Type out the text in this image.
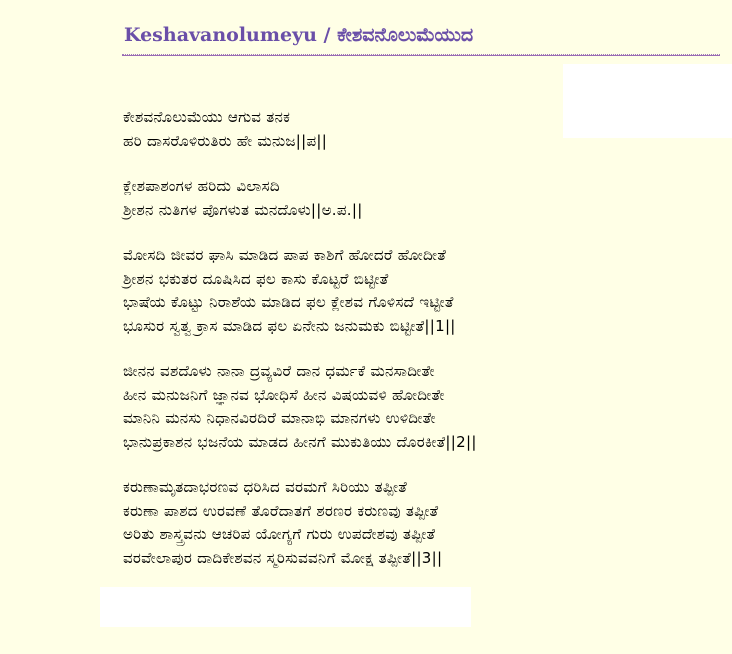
Keshavanolumeyu / ಕೇಶವನೊಲುಮೆಯುದ
ಕೇಶವನೊಲುಮೆಯು ಆಗುವ ತನಕ
ಹರಿ ದಾಸರೊಳಿರುತಿರು ಹೇ ಮನುಜ||ಪ||
ಕ್ಲೇಶಪಾಶಂಗಳ ಹರಿದು ವಿಲಾಸದಿ
ಶ್ರೀಶನ ನುತಿಗಳ ಪೊಗಳುತ ಮನದೊಳು||ಅ.ಪ.||
ಮೋಸದಿ ಜೀವರ ಘಾಸಿ ಮಾಡಿದ ಪಾಪ ಕಾಶಿಗೆ ಹೋದರೆ ಹೋದೀತೆ
ಶ್ರೀಶನ ಭಕುತರ ದೂಷಿಸಿದ ಫಲ ಕಾಸು ಕೊಟ್ಟರೆ ಬಿಟ್ಟೀತೆ
ಭಾಷೆಯ ಕೊಟ್ಟು ನಿರಾಶೆಯ ಮಾಡಿದ ಫಲ ಕ್ಲೇಶವ ಗೊಳಿಸದೆ ಇಟ್ಟೀತೆ
ಭೂಸುರ ಸ್ವತ್ವ ಕ್ರಾಸ ಮಾಡಿದ ಫಲ ಏನೇನು ಜನುಮಕು ಬಿಟ್ಟೀತೆ||1||
ಜೀನನ ವಶದೊಳು ನಾನಾ ದ್ರವ್ಯವಿರೆ ದಾನ ಧರ್ಮಕೆ ಮನಸಾದೀತೇ
ಹೀನ ಮನುಜನಿಗೆ ಜ್ಞಾನವ ಭೋಧಿಸೆ ಹೀನ ವಿಷಯವಳಿ ಹೋದೀತೇ
ಮಾನಿನಿ ಮನಸು ನಿಧಾನವಿರದಿರೆ ಮಾನಾಭಿ ಮಾನಗಳು ಉಳಿದೀತೇ
ಭಾನುಪ್ರಕಾಶನ ಭಜನೆಯ ಮಾಡದ ಹೀನಗೆ ಮುಕುತಿಯು ದೊರಕೀತೆ||2||
ಕರುಣಾಮೃತದಾಭರಣವ ಧರಿಸಿದ ವರಮಗೆ ಸಿರಿಯು ತಪ್ಪೀತೆ
ಕರುಣಾ ಪಾಶದ ಉರವಣೆ ತೊರೆದಾತಗೆ ಶರಣರ ಕರುಣವು ತಪ್ಪೀತೆ
ಅರಿತು ಶಾಸ್ತ್ರವನು ಆಚರಿಪ ಯೋಗ್ಯಗೆ ಗುರು ಉಪದೇಶವು ತಪ್ಪೀತೆ
ವರವೇಲಾಪುರ ದಾದಿಕೇಶವನ ಸ್ಮರಿಸುವವನಿಗೆ ಮೋಕ್ಷ ತಪ್ಪೀತೆ||3||
